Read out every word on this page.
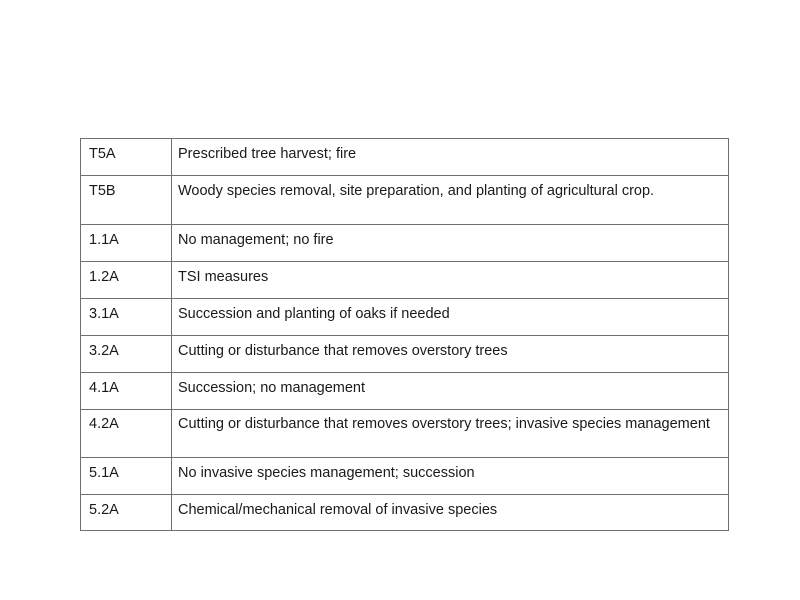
T5A	Prescribed tree harvest; fire
T5B	Woody species removal, site preparation, and planting of agricultural crop.
1.1A	No management; no fire
1.2A	TSI measures
3.1A	Succession and planting of oaks if needed
3.2A	Cutting or disturbance that removes overstory trees
4.1A	Succession; no management
4.2A	Cutting or disturbance that removes overstory trees; invasive species management
5.1A	No invasive species management; succession
5.2A	Chemical/mechanical removal of invasive species
